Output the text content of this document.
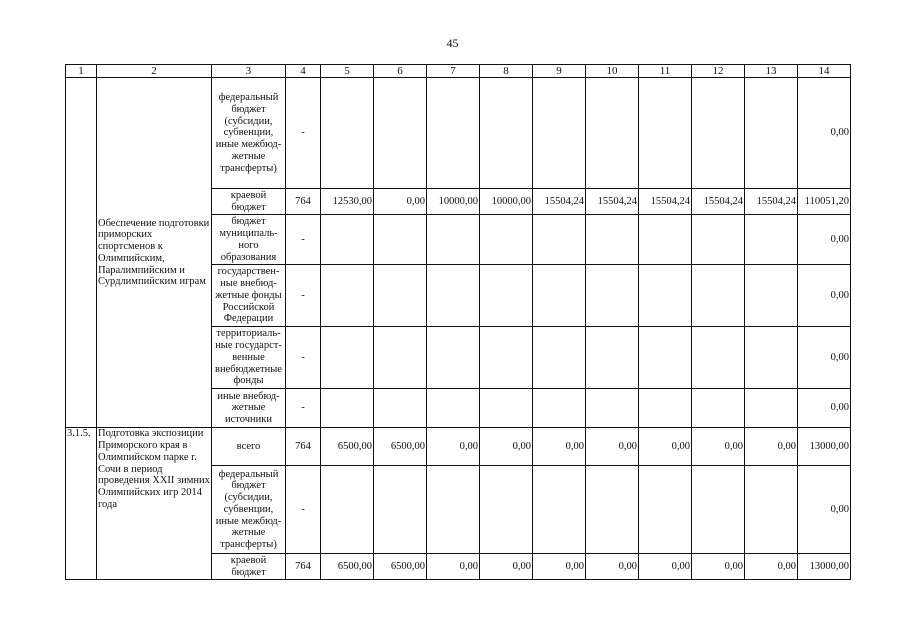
45
1	2	3	4	5	6	7	8	9	10	11	12	13	14
	Обеспечение подготовки приморских спортсменов к Олимпийским, Паралимпийским и Сурдлимпийским играм	федеральный бюджет (субсидии, субвенции, иные межбюд-жетные трансферты)	-										0,00
		краевой бюджет	764	12530,00	0,00	10000,00	10000,00	15504,24	15504,24	15504,24	15504,24	15504,24	110051,20
		бюджет муниципаль-ного образования	-										0,00
		государствен-ные внебюд-жетные фонды Российской Федерации	-										0,00
		территориаль-ные государст-венные внебюджетные фонды	-										0,00
		иные внебюд-жетные источники	-										0,00
3.1.5.	Подготовка экспозиции Приморского края в Олимпийском парке г. Сочи в период проведения XXII зимних Олимпийских игр 2014 года	всего	764	6500,00	6500,00	0,00	0,00	0,00	0,00	0,00	0,00	0,00	13000,00
		федеральный бюджет (субсидии, субвенции, иные межбюд-жетные трансферты)	-										0,00
		краевой бюджет	764	6500,00	6500,00	0,00	0,00	0,00	0,00	0,00	0,00	0,00	13000,00
